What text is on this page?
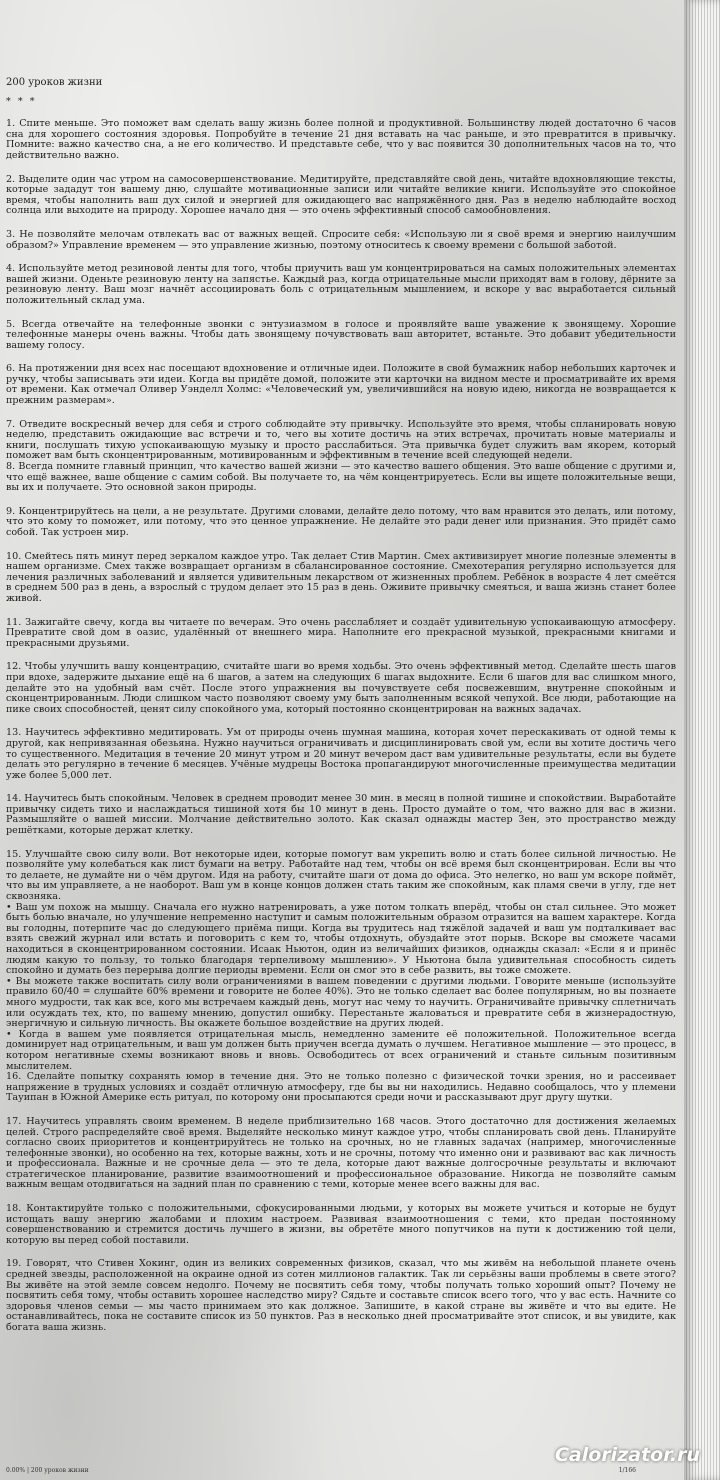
200 уроков жизни
* * *

1. Спите меньше. Это поможет вам сделать вашу жизнь более полной и продуктивной. Большинству людей достаточно 6 часов сна для хорошего состояния здоровья. Попробуйте в течение 21 дня вставать на час раньше, и это превратится в привычку. Помните: важно качество сна, а не его количество. И представьте себе, что у вас появится 30 дополнительных часов на то, что действительно важно.

2. Выделите один час утром на самосовершенствование. Медитируйте, представляйте свой день, читайте вдохновляющие тексты, которые зададут тон вашему дню, слушайте мотивационные записи или читайте великие книги. Используйте это спокойное время, чтобы наполнить ваш дух силой и энергией для ожидающего вас напряжённого дня. Раз в неделю наблюдайте восход солнца или выходите на природу. Хорошее начало дня — это очень эффективный способ самообновления.

3. Не позволяйте мелочам отвлекать вас от важных вещей. Спросите себя: «Использую ли я своё время и энергию наилучшим образом?» Управление временем — это управление жизнью, поэтому относитесь к своему времени с большой заботой.

4. Используйте метод резиновой ленты для того, чтобы приучить ваш ум концентрироваться на самых положительных элементах вашей жизни. Оденьте резиновую ленту на запястье. Каждый раз, когда отрицательные мысли приходят вам в голову, дёрните за резиновую ленту. Ваш мозг начнёт ассоциировать боль с отрицательным мышлением, и вскоре у вас выработается сильный положительный склад ума.

5. Всегда отвечайте на телефонные звонки с энтузиазмом в голосе и проявляйте ваше уважение к звонящему. Хорошие телефонные манеры очень важны. Чтобы дать звонящему почувствовать ваш авторитет, встаньте. Это добавит убедительности вашему голосу.

6. На протяжении дня всех нас посещают вдохновение и отличные идеи. Положите в свой бумажник набор небольших карточек и ручку, чтобы записывать эти идеи. Когда вы придёте домой, положите эти карточки на видном месте и просматривайте их время от времени. Как отмечал Оливер Уэнделл Холмс: «Человеческий ум, увеличившийся на новую идею, никогда не возвращается к прежним размерам».

7. Отведите воскресный вечер для себя и строго соблюдайте эту привычку. Используйте это время, чтобы спланировать новую неделю, представить ожидающие вас встречи и то, чего вы хотите достичь на этих встречах, прочитать новые материалы и книги, послушать тихую успокаивающую музыку и просто расслабиться. Эта привычка будет служить вам якорем, который поможет вам быть сконцентрированным, мотивированным и эффективным в течение всей следующей недели.

8. Всегда помните главный принцип, что качество вашей жизни — это качество вашего общения. Это ваше общение с другими и, что ещё важнее, ваше общение с самим собой. Вы получаете то, на чём концентрируетесь. Если вы ищете положительные вещи, вы их и получаете. Это основной закон природы.

9. Концентрируйтесь на цели, а не результате. Другими словами, делайте дело потому, что вам нравится это делать, или потому, что это кому то поможет, или потому, что это ценное упражнение. Не делайте это ради денег или признания. Это придёт само собой. Так устроен мир.

10. Смейтесь пять минут перед зеркалом каждое утро. Так делает Стив Мартин. Смех активизирует многие полезные элементы в нашем организме. Смех также возвращает организм в сбалансированное состояние. Смехотерапия регулярно используется для лечения различных заболеваний и является удивительным лекарством от жизненных проблем. Ребёнок в возрасте 4 лет смеётся в среднем 500 раз в день, а взрослый с трудом делает это 15 раз в день. Оживите привычку смеяться, и ваша жизнь станет более живой.

11. Зажигайте свечу, когда вы читаете по вечерам. Это очень расслабляет и создаёт удивительную успокаивающую атмосферу. Превратите свой дом в оазис, удалённый от внешнего мира. Наполните его прекрасной музыкой, прекрасными книгами и прекрасными друзьями.

12. Чтобы улучшить вашу концентрацию, считайте шаги во время ходьбы. Это очень эффективный метод. Сделайте шесть шагов при вдохе, задержите дыхание ещё на 6 шагов, а затем на следующих 6 шагах выдохните. Если 6 шагов для вас слишком много, делайте это на удобный вам счёт. После этого упражнения вы почувствуете себя посвежевшим, внутренне спокойным и сконцентрированным. Люди слишком часто позволяют своему уму быть заполненным всякой чепухой. Все люди, работающие на пике своих способностей, ценят силу спокойного ума, который постоянно сконцентрирован на важных задачах.

13. Научитесь эффективно медитировать. Ум от природы очень шумная машина, которая хочет перескакивать от одной темы к другой, как непривязанная обезьяна. Нужно научиться ограничивать и дисциплинировать свой ум, если вы хотите достичь чего то существенного. Медитация в течение 20 минут утром и 20 минут вечером даст вам удивительные результаты, если вы будете делать это регулярно в течение 6 месяцев. Учёные мудрецы Востока пропагандируют многочисленные преимущества медитации уже более 5,000 лет.

14. Научитесь быть спокойным. Человек в среднем проводит менее 30 мин. в месяц в полной тишине и спокойствии. Выработайте привычку сидеть тихо и наслаждаться тишиной хотя бы 10 минут в день. Просто думайте о том, что важно для вас в жизни. Размышляйте о вашей миссии. Молчание действительно золото. Как сказал однажды мастер Зен, это пространство между решётками, которые держат клетку.

15. Улучшайте свою силу воли. Вот некоторые идеи, которые помогут вам укрепить волю и стать более сильной личностью. Не позволяйте уму колебаться как лист бумаги на ветру. Работайте над тем, чтобы он всё время был сконцентрирован. Если вы что то делаете, не думайте ни о чём другом. Идя на работу, считайте шаги от дома до офиса. Это нелегко, но ваш ум вскоре поймёт, что вы им управляете, а не наоборот. Ваш ум в конце концов должен стать таким же спокойным, как пламя свечи в углу, где нет сквозняка.

• Ваш ум похож на мышцу. Сначала его нужно натренировать, а уже потом толкать вперёд, чтобы он стал сильнее. Это может быть болью вначале, но улучшение непременно наступит и самым положительным образом отразится на вашем характере. Когда вы голодны, потерпите час до следующего приёма пищи. Когда вы трудитесь над тяжёлой задачей и ваш ум подталкивает вас взять свежий журнал или встать и поговорить с кем то, чтобы отдохнуть, обуздайте этот порыв. Вскоре вы сможете часами находиться в сконцентрированном состоянии. Исаак Ньютон, один из величайших физиков, однажды сказал: «Если я и принёс людям какую то пользу, то только благодаря терпеливому мышлению». У Ньютона была удивительная способность сидеть спокойно и думать без перерыва долгие периоды времени. Если он смог это в себе развить, вы тоже сможете.

• Вы можете также воспитать силу воли ограничениями в вашем поведении с другими людьми. Говорите меньше (используйте правило 60/40 = слушайте 60% времени и говорите не более 40%). Это не только сделает вас более популярным, но вы познаете много мудрости, так как все, кого мы встречаем каждый день, могут нас чему то научить. Ограничивайте привычку сплетничать или осуждать тех, кто, по вашему мнению, допустил ошибку. Перестаньте жаловаться и превратите себя в жизнерадостную, энергичную и сильную личность. Вы окажете большое воздействие на других людей.

• Когда в вашем уме появляется отрицательная мысль, немедленно замените её положительной. Положительное всегда доминирует над отрицательным, и ваш ум должен быть приучен всегда думать о лучшем. Негативное мышление — это процесс, в котором негативные схемы возникают вновь и вновь. Освободитесь от всех ограничений и станьте сильным позитивным мыслителем.

16. Сделайте попытку сохранять юмор в течение дня. Это не только полезно с физической точки зрения, но и рассеивает напряжение в трудных условиях и создаёт отличную атмосферу, где бы вы ни находились. Недавно сообщалось, что у племени Тауипан в Южной Америке есть ритуал, по которому они просыпаются среди ночи и рассказывают друг другу шутки.

17. Научитесь управлять своим временем. В неделе приблизительно 168 часов. Этого достаточно для достижения желаемых целей. Строго распределяйте своё время. Выделяйте несколько минут каждое утро, чтобы спланировать свой день. Планируйте согласно своих приоритетов и концентрируйтесь не только на срочных, но не главных задачах (например, многочисленные телефонные звонки), но особенно на тех, которые важны, хоть и не срочны, потому что именно они и развивают вас как личность и профессионала. Важные и не срочные дела — это те дела, которые дают важные долгосрочные результаты и включают стратегическое планирование, развитие взаимоотношений и профессиональное образование. Никогда не позволяйте самым важным вещам отодвигаться на задний план по сравнению с теми, которые менее всего важны для вас.

18. Контактируйте только с положительными, сфокусированными людьми, у которых вы можете учиться и которые не будут истощать вашу энергию жалобами и плохим настроем. Развивая взаимоотношения с теми, кто предан постоянному совершенствованию и стремится достичь лучшего в жизни, вы обретёте много попутчиков на пути к достижению той цели, которую вы перед собой поставили.

19. Говорят, что Стивен Хокинг, один из великих современных физиков, сказал, что мы живём на небольшой планете очень средней звезды, расположенной на окраине одной из сотен миллионов галактик. Так ли серьёзны ваши проблемы в свете этого? Вы живёте на этой земле совсем недолго. Почему не посвятить себя тому, чтобы получать только хороший опыт? Почему не посвятить себя тому, чтобы оставить хорошее наследство миру? Сядьте и составьте список всего того, что у вас есть. Начните со здоровья членов семьи — мы часто принимаем это как должное. Запишите, в какой стране вы живёте и что вы едите. Не останавливайтесь, пока не составите список из 50 пунктов. Раз в несколько дней просматривайте этот список, и вы увидите, как богата ваша жизнь.

0.00% | 200 уроков жизни	1/166
Calorizator.ru
